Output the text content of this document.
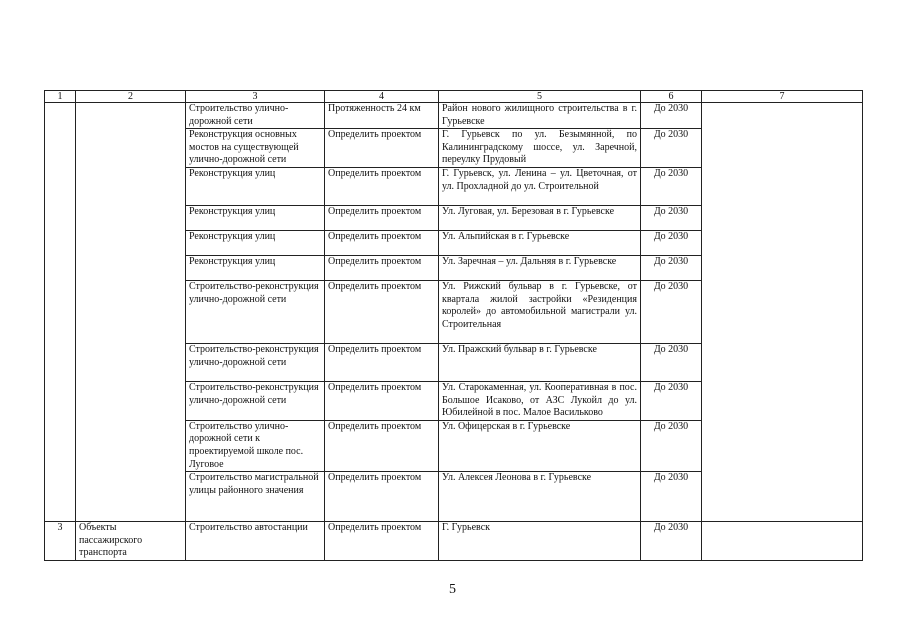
1	2	3	4	5	6	7
		Строительство улично-дорожной сети	Протяженность 24 км	Район нового жилищного строительства в г. Гурьевске	До 2030	
		Реконструкция основных мостов на существующей улично-дорожной сети	Определить проектом	Г. Гурьевск по ул. Безымянной, по Калининградскому шоссе, ул. Заречной, переулку Прудовый	До 2030	
		Реконструкция улиц	Определить проектом	Г. Гурьевск, ул. Ленина – ул. Цветочная, от ул. Прохладной до ул. Строительной	До 2030	
		Реконструкция улиц	Определить проектом	Ул. Луговая, ул. Березовая в г. Гурьевске	До 2030	
		Реконструкция улиц	Определить проектом	Ул. Альпийская в г. Гурьевске	До 2030	
		Реконструкция улиц	Определить проектом	Ул. Заречная – ул. Дальняя в г. Гурьевске	До 2030	
		Строительство-реконструкция улично-дорожной сети	Определить проектом	Ул. Рижский бульвар в г. Гурьевске, от квартала жилой застройки «Резиденция королей» до автомобильной магистрали ул. Строительная	До 2030	
		Строительство-реконструкция улично-дорожной сети	Определить проектом	Ул. Пражский бульвар в г. Гурьевске	До 2030	
		Строительство-реконструкция улично-дорожной сети	Определить проектом	Ул. Старокаменная, ул. Кооперативная в пос. Большое Исаково, от АЗС Лукойл до ул. Юбилейной в пос. Малое Васильково	До 2030	
		Строительство улично-дорожной сети к проектируемой школе пос. Луговое	Определить проектом	Ул. Офицерская в г. Гурьевске	До 2030	
		Строительство магистральной улицы районного значения	Определить проектом	Ул. Алексея Леонова в г. Гурьевске	До 2030	
3	Объекты пассажирского транспорта	Строительство автостанции	Определить проектом	Г. Гурьевск	До 2030	
5
